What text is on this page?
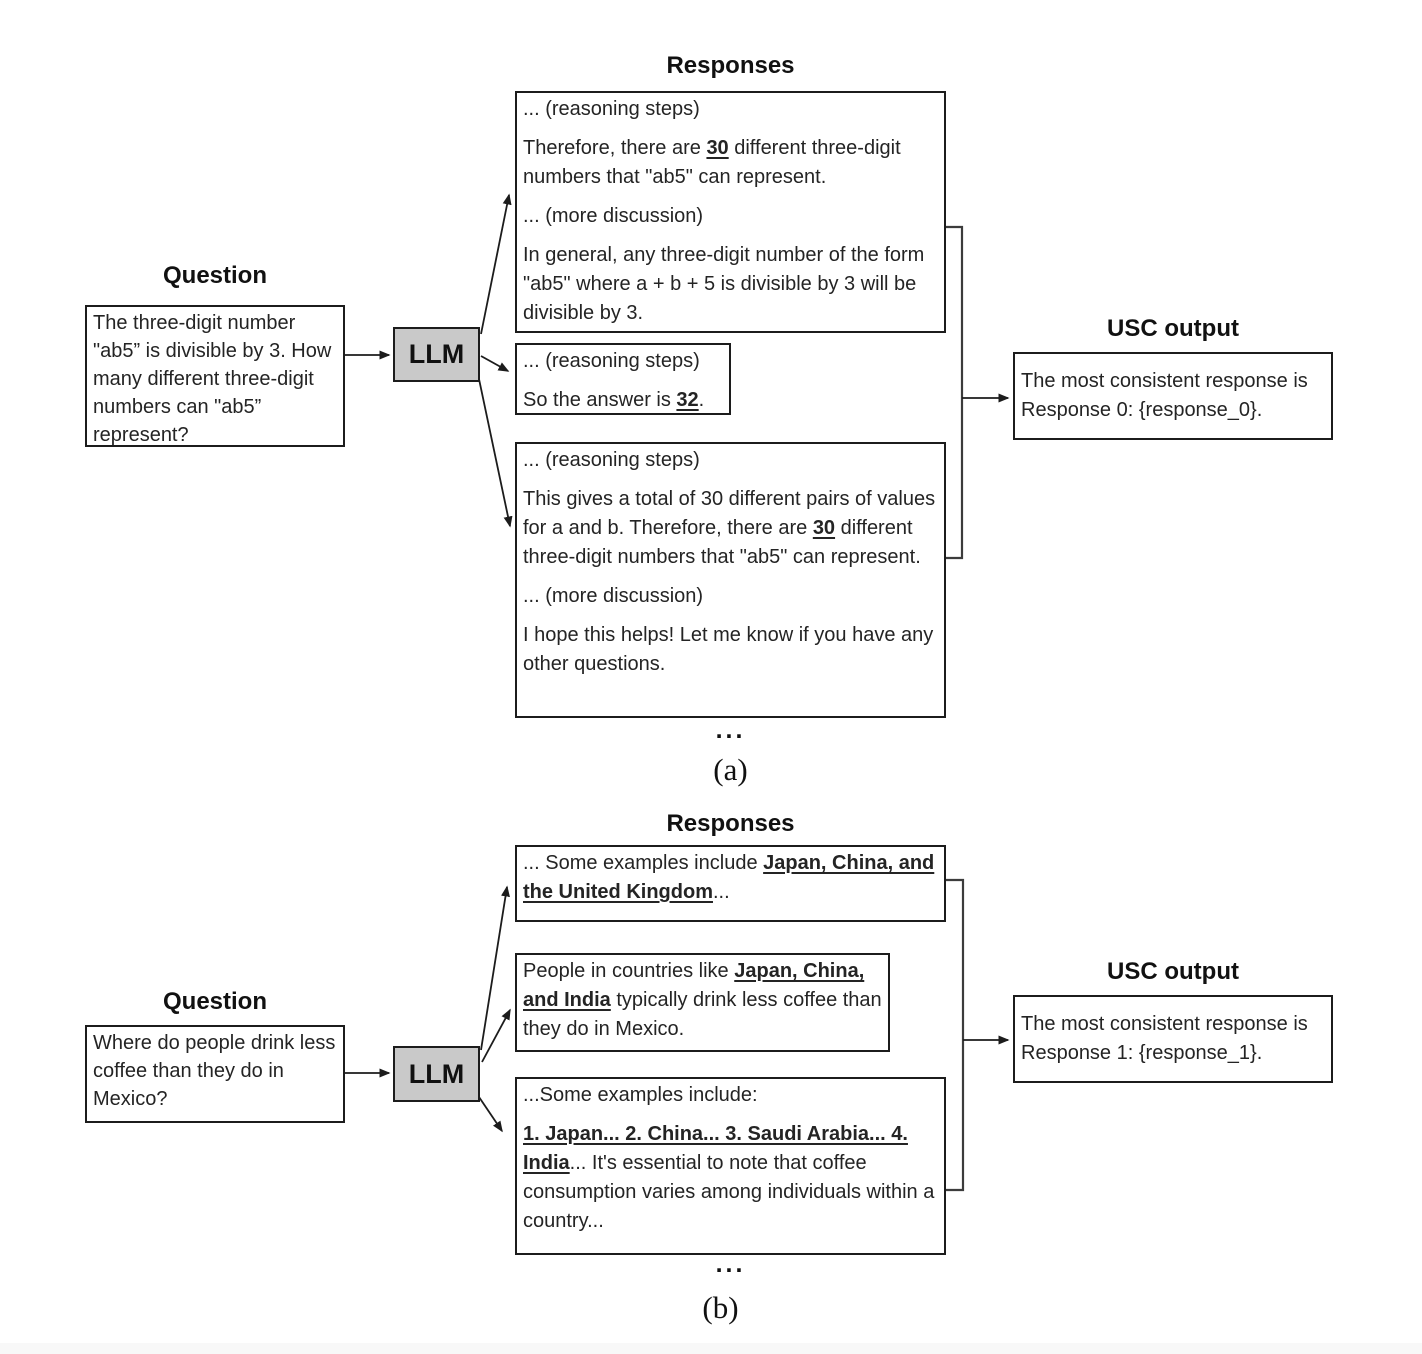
Question
The three-digit number "ab5” is divisible by 3. How many different three-digit numbers can "ab5” represent?
LLM
Responses

... (reasoning steps)

Therefore, there are 30 different three-digit numbers that "ab5" can represent.

... (more discussion)

In general, any three-digit number of the form "ab5" where a + b + 5 is divisible by 3 will be divisible by 3.

... (reasoning steps)

So the answer is 32.

... (reasoning steps)

This gives a total of 30 different pairs of values for a and b. Therefore, there are 30 different three-digit numbers that "ab5" can represent.

... (more discussion)

I hope this helps! Let me know if you have any other questions.

USC output
The most consistent response is Response 0: {response_0}.
...
(a)
Question
Where do people drink less coffee than they do in Mexico?
LLM
Responses

... Some examples include Japan, China, and the United Kingdom...

People in countries like Japan, China, and India typically drink less coffee than they do in Mexico.

...Some examples include:

1. Japan... 2. China... 3. Saudi Arabia... 4. India... It's essential to note that coffee consumption varies among individuals within a country...

USC output
The most consistent response is Response 1: {response_1}.
...
(b)
